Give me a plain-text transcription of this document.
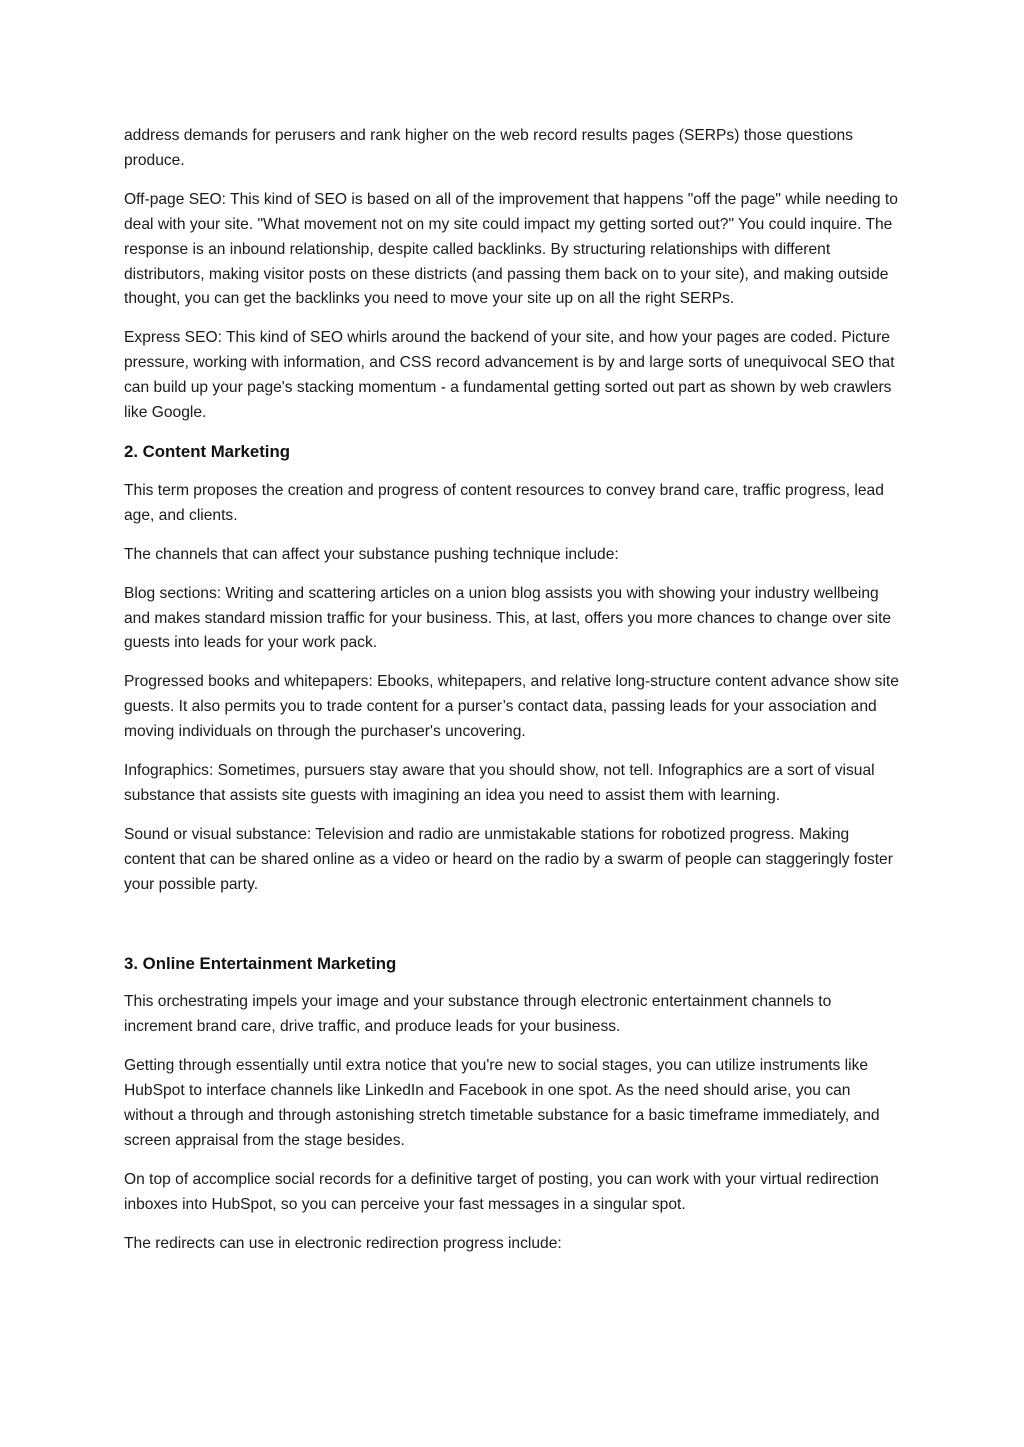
address demands for perusers and rank higher on the web record results pages (SERPs) those questions produce.

Off-page SEO: This kind of SEO is based on all of the improvement that happens "off the page" while needing to deal with your site. "What movement not on my site could impact my getting sorted out?" You could inquire. The response is an inbound relationship, despite called backlinks. By structuring relationships with different distributors, making visitor posts on these districts (and passing them back on to your site), and making outside thought, you can get the backlinks you need to move your site up on all the right SERPs.

Express SEO: This kind of SEO whirls around the backend of your site, and how your pages are coded. Picture pressure, working with information, and CSS record advancement is by and large sorts of unequivocal SEO that can build up your page's stacking momentum - a fundamental getting sorted out part as shown by web crawlers like Google.

2. Content Marketing

This term proposes the creation and progress of content resources to convey brand care, traffic progress, lead age, and clients.

The channels that can affect your substance pushing technique include:

Blog sections: Writing and scattering articles on a union blog assists you with showing your industry wellbeing and makes standard mission traffic for your business. This, at last, offers you more chances to change over site guests into leads for your work pack.

Progressed books and whitepapers: Ebooks, whitepapers, and relative long-structure content advance show site guests. It also permits you to trade content for a purser’s contact data, passing leads for your association and moving individuals on through the purchaser's uncovering.

Infographics: Sometimes, pursuers stay aware that you should show, not tell. Infographics are a sort of visual substance that assists site guests with imagining an idea you need to assist them with learning.

Sound or visual substance: Television and radio are unmistakable stations for robotized progress. Making content that can be shared online as a video or heard on the radio by a swarm of people can staggeringly foster your possible party.

3. Online Entertainment Marketing

This orchestrating impels your image and your substance through electronic entertainment channels to increment brand care, drive traffic, and produce leads for your business.

Getting through essentially until extra notice that you're new to social stages, you can utilize instruments like HubSpot to interface channels like LinkedIn and Facebook in one spot. As the need should arise, you can without a through and through astonishing stretch timetable substance for a basic timeframe immediately, and screen appraisal from the stage besides.

On top of accomplice social records for a definitive target of posting, you can work with your virtual redirection inboxes into HubSpot, so you can perceive your fast messages in a singular spot.

The redirects can use in electronic redirection progress include:
